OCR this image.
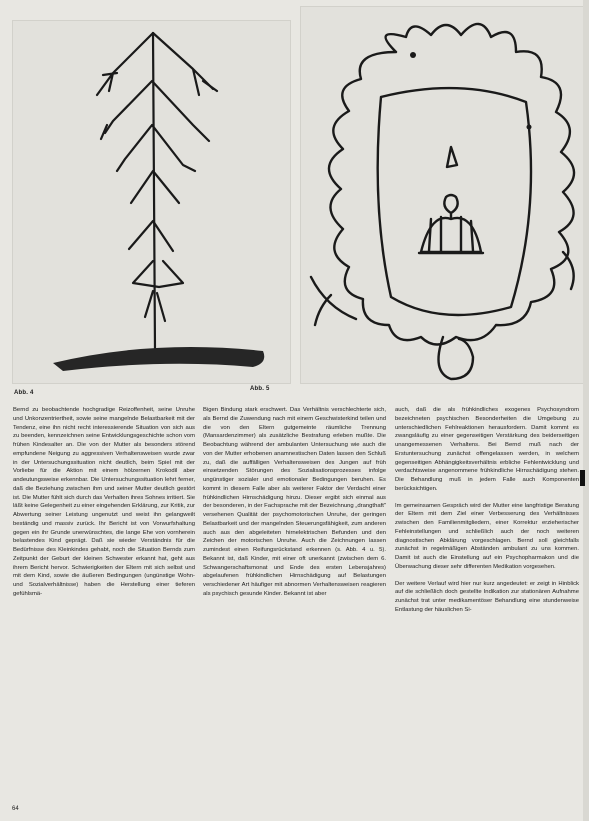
Abb. 4
Abb. 5

Bernd zu beobachtende hochgradige Reizoffenheit, seine Unruhe und Unkonzentriertheit, sowie seine mangelnde Belastbarkeit mit der Tendenz, eine ihn nicht recht interessierende Situation von sich aus zu beenden, kennzeichnen seine Entwicklungsgeschichte schon vom frühen Kindesalter an. Die von der Mutter als besonders störend empfundene Neigung zu aggressiven Verhaltensweisen wurde zwar in der Untersuchungssituation nicht deutlich, beim Spiel mit der Vorliebe für die Aktion mit einem hölzernen Krokodil aber andeutungsweise erkennbar. Die Untersuchungssituation lehrt ferner, daß die Beziehung zwischen ihm und seiner Mutter deutlich gestört ist. Die Mutter fühlt sich durch das Verhalten ihres Sohnes irritiert. Sie läßt keine Gelegenheit zu einer eingehenden Erklärung, zur Kritik, zur Abwertung seiner Leistung ungenutzt und weist ihn gelangweilt beständig und massiv zurück. Ihr Bericht ist von Vorwurfshaltung gegen ein ihr Grunde unerwünschtes, die lange Ehe von vornherein belastendes Kind geprägt. Daß sie wieder Verständnis für die Bedürfnisse des Kleinkindes gehabt, noch die Situation Bernds zum Zeitpunkt der Geburt der kleinen Schwester erkannt hat, geht aus ihrem Bericht hervor. Schwierigkeiten der Eltern mit sich selbst und mit dem Kind, sowie die äußeren Bedingungen (ungünstige Wohn- und Sozialverhältnisse) haben die Herstellung einer tieferen gefühlsmä-

Bigen Bindung stark erschwert. Das Verhältnis verschlechterte sich, als Bernd die Zuwendung nach mit einem Geschwisterkind teilen und die von den Eltern gutgemeinte räumliche Trennung (Mansardenzimmer) als zusätzliche Bestrafung erleben mußte. Die Beobachtung während der ambulanten Untersuchung wie auch die von der Mutter erhobenen anamnestischen Daten lassen den Schluß zu, daß die auffälligen Verhaltensweisen des Jungen auf früh einsetzenden Störungen des Sozialisationsprozesses infolge ungünstiger sozialer und emotionaler Bedingungen beruhen. Es kommt in diesem Falle aber als weiterer Faktor der Verdacht einer frühkindlichen Hirnschädigung hinzu. Dieser ergibt sich einmal aus der besonderen, in der Fachsprache mit der Bezeichnung „drangthaft" versehenen Qualität der psychomotorischen Unruhe, der geringen Belastbarkeit und der mangelnden Steuerungsfähigkeit, zum anderen auch aus den abgeleiteten hirnelektrischen Befunden und den Zeichen der motorischen Unruhe. Auch die Zeichnungen lassen zumindest einen Reifungsrückstand erkennen (s. Abb. 4 u. 5). Bekannt ist, daß Kinder, mit einer oft unerkannt (zwischen dem 6. Schwangerschaftsmonat und Ende des ersten Lebensjahres) abgelaufenen frühkindlichen Hirnschädigung auf Belastungen verschiedener Art häufiger mit abnormen Verhaltensweisen reagieren als psychisch gesunde Kinder. Bekannt ist aber

auch, daß die als frühkindliches exogenes Psychosyndrom bezeichneten psychischen Besonderheiten die Umgebung zu unterschiedlichen Fehlreaktionen herausfordern. Damit kommt es zwangsläufig zu einer gegenseitigen Verstärkung des beiderseitigen unangemessenen Verhaltens. Bei Bernd muß nach der Erstuntersuchung zunächst offengelassen werden, in welchem gegenseitigen Abhängigkeitsverhältnis erbliche Fehlentwicklung und verdachtsweise angenommene frühkindliche Hirnschädigung stehen. Die Behandlung muß in jedem Falle auch Komponenten berücksichtigen.

Im gemeinsamen Gespräch wird der Mutter eine langfristige Beratung der Eltern mit dem Ziel einer Verbesserung des Verhältnisses zwischen den Familienmitgliedern, einer Korrektur erzieherischer Fehleinstellungen und schließlich auch der noch weiteren diagnostischen Abklärung vorgeschlagen. Bernd soll gleichfalls zunächst in regelmäßigen Abständen ambulant zu uns kommen. Damit ist auch die Einstellung auf ein Psychopharmakon und die Überwachung dieser sehr differenten Medikation vorgesehen.

Der weitere Verlauf wird hier nur kurz angedeutet: er zeigt in Hinblick auf die schließlich doch gestellte Indikation zur stationären Aufnahme zunächst trat unter medikamentöser Behandlung eine stundenweise Entlastung der häuslichen Si-

64
